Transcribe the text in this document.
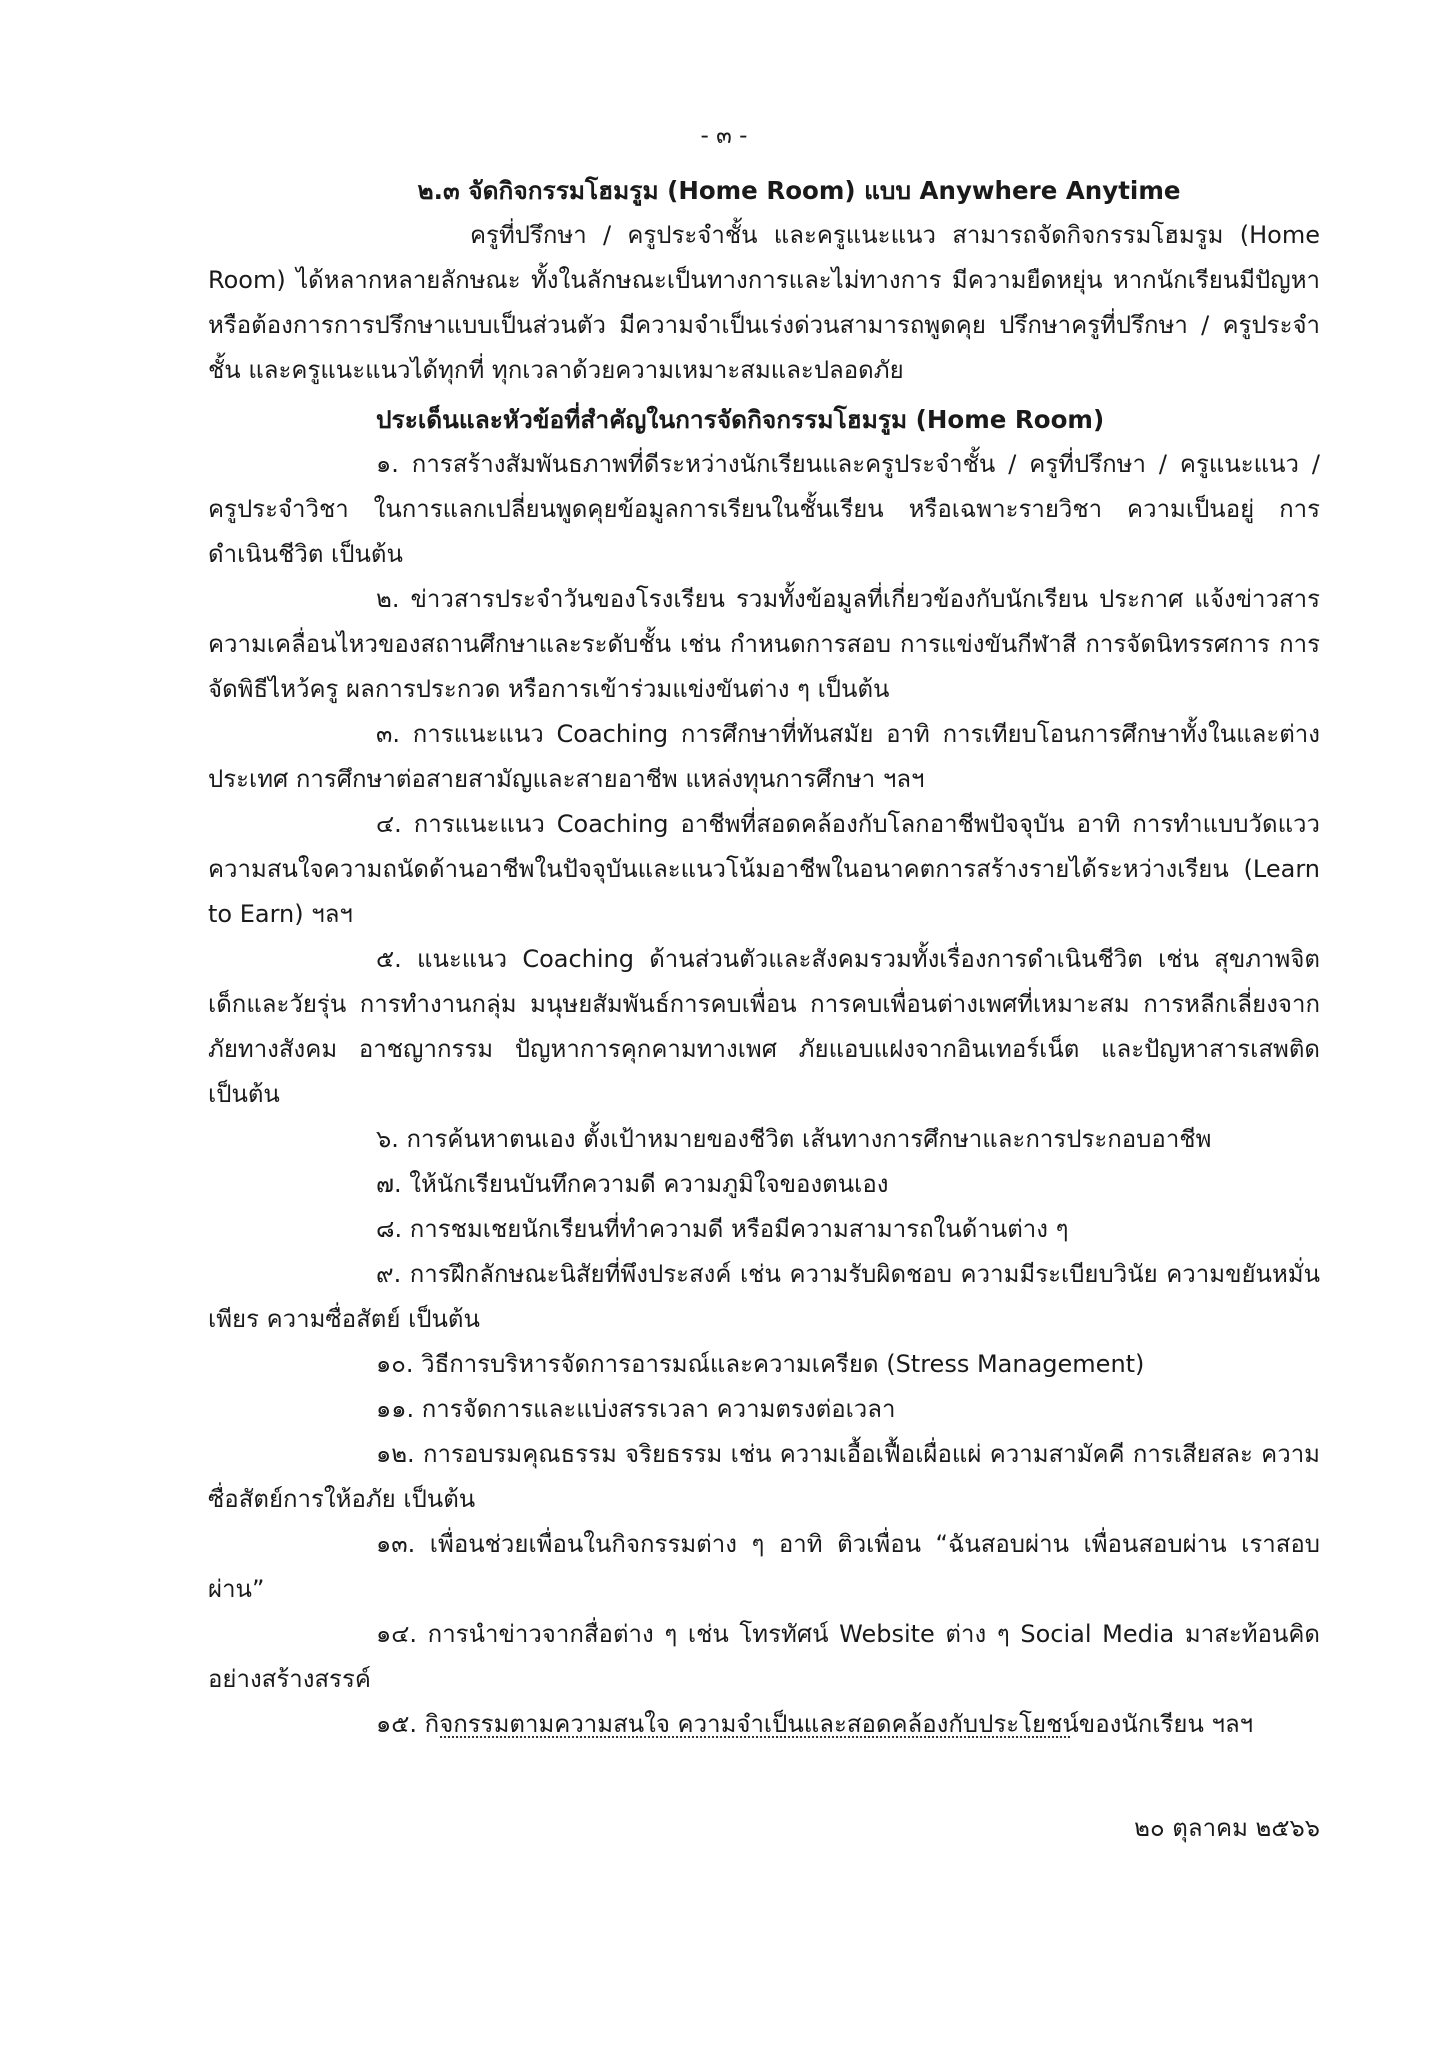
- ๓ -
๒.๓ จัดกิจกรรมโฮมรูม (Home Room) แบบ Anywhere Anytime

ครูที่ปรึกษา / ครูประจำชั้น และครูแนะแนว สามารถจัดกิจกรรมโฮมรูม (Home Room) ได้หลากหลายลักษณะ ทั้งในลักษณะเป็นทางการและไม่ทางการ มีความยืดหยุ่น หากนักเรียนมีปัญหาหรือต้องการการปรึกษาแบบเป็นส่วนตัว มีความจำเป็นเร่งด่วนสามารถพูดคุย ปรึกษาครูที่ปรึกษา / ครูประจำชั้น และครูแนะแนวได้ทุกที่ ทุกเวลาด้วยความเหมาะสมและปลอดภัย

ประเด็นและหัวข้อที่สำคัญในการจัดกิจกรรมโฮมรูม (Home Room)

๑. การสร้างสัมพันธภาพที่ดีระหว่างนักเรียนและครูประจำชั้น / ครูที่ปรึกษา / ครูแนะแนว / ครูประจำวิชา ในการแลกเปลี่ยนพูดคุยข้อมูลการเรียนในชั้นเรียน หรือเฉพาะรายวิชา ความเป็นอยู่ การดำเนินชีวิต เป็นต้น

๒. ข่าวสารประจำวันของโรงเรียน รวมทั้งข้อมูลที่เกี่ยวข้องกับนักเรียน ประกาศ แจ้งข่าวสาร ความเคลื่อนไหวของสถานศึกษาและระดับชั้น เช่น กำหนดการสอบ การแข่งขันกีฬาสี การจัดนิทรรศการ การจัดพิธีไหว้ครู ผลการประกวด หรือการเข้าร่วมแข่งขันต่าง ๆ เป็นต้น

๓. การแนะแนว Coaching การศึกษาที่ทันสมัย อาทิ การเทียบโอนการศึกษาทั้งในและต่างประเทศ การศึกษาต่อสายสามัญและสายอาชีพ แหล่งทุนการศึกษา ฯลฯ

๔. การแนะแนว Coaching อาชีพที่สอดคล้องกับโลกอาชีพปัจจุบัน อาทิ การทำแบบวัดแววความสนใจความถนัดด้านอาชีพในปัจจุบันและแนวโน้มอาชีพในอนาคตการสร้างรายได้ระหว่างเรียน (Learn to Earn) ฯลฯ

๕. แนะแนว Coaching ด้านส่วนตัวและสังคมรวมทั้งเรื่องการดำเนินชีวิต เช่น สุขภาพจิตเด็กและวัยรุ่น การทำงานกลุ่ม มนุษยสัมพันธ์การคบเพื่อน การคบเพื่อนต่างเพศที่เหมาะสม การหลีกเลี่ยงจากภัยทางสังคม อาชญากรรม ปัญหาการคุกคามทางเพศ ภัยแอบแฝงจากอินเทอร์เน็ต และปัญหาสารเสพติด เป็นต้น

๖. การค้นหาตนเอง ตั้งเป้าหมายของชีวิต เส้นทางการศึกษาและการประกอบอาชีพ

๗. ให้นักเรียนบันทึกความดี ความภูมิใจของตนเอง

๘. การชมเชยนักเรียนที่ทำความดี หรือมีความสามารถในด้านต่าง ๆ

๙. การฝึกลักษณะนิสัยที่พึงประสงค์ เช่น ความรับผิดชอบ ความมีระเบียบวินัย ความขยันหมั่นเพียร ความซื่อสัตย์ เป็นต้น

๑๐. วิธีการบริหารจัดการอารมณ์และความเครียด (Stress Management)

๑๑. การจัดการและแบ่งสรรเวลา ความตรงต่อเวลา

๑๒. การอบรมคุณธรรม จริยธรรม เช่น ความเอื้อเฟื้อเผื่อแผ่ ความสามัคคี การเสียสละ ความซื่อสัตย์การให้อภัย เป็นต้น

๑๓. เพื่อนช่วยเพื่อนในกิจกรรมต่าง ๆ อาทิ ติวเพื่อน “ฉันสอบผ่าน เพื่อนสอบผ่าน เราสอบผ่าน”

๑๔. การนำข่าวจากสื่อต่าง ๆ เช่น โทรทัศน์ Website ต่าง ๆ Social Media มาสะท้อนคิดอย่างสร้างสรรค์

๑๕. กิจกรรมตามความสนใจ ความจำเป็นและสอดคล้องกับประโยชน์ของนักเรียน ฯลฯ

๒๐ ตุลาคม ๒๕๖๖
